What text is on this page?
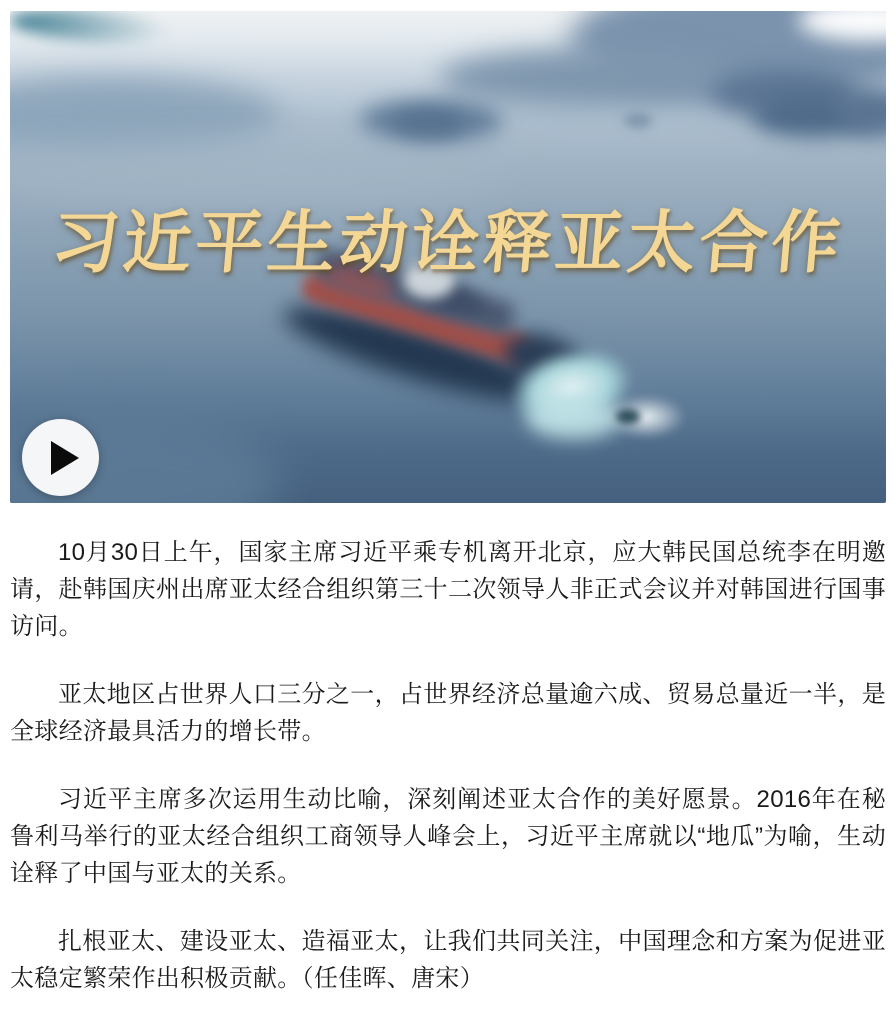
习近平生动诠释亚太合作

10月30日上午，国家主席习近平乘专机离开北京，应大韩民国总统李在明邀请，赴韩国庆州出席亚太经合组织第三十二次领导人非正式会议并对韩国进行国事访问。

亚太地区占世界人口三分之一，占世界经济总量逾六成、贸易总量近一半，是全球经济最具活力的增长带。

习近平主席多次运用生动比喻，深刻阐述亚太合作的美好愿景。2016年在秘鲁利马举行的亚太经合组织工商领导人峰会上，习近平主席就以“地瓜”为喻，生动诠释了中国与亚太的关系。

扎根亚太、建设亚太、造福亚太，让我们共同关注，中国理念和方案为促进亚太稳定繁荣作出积极贡献。（任佳晖、唐宋）
